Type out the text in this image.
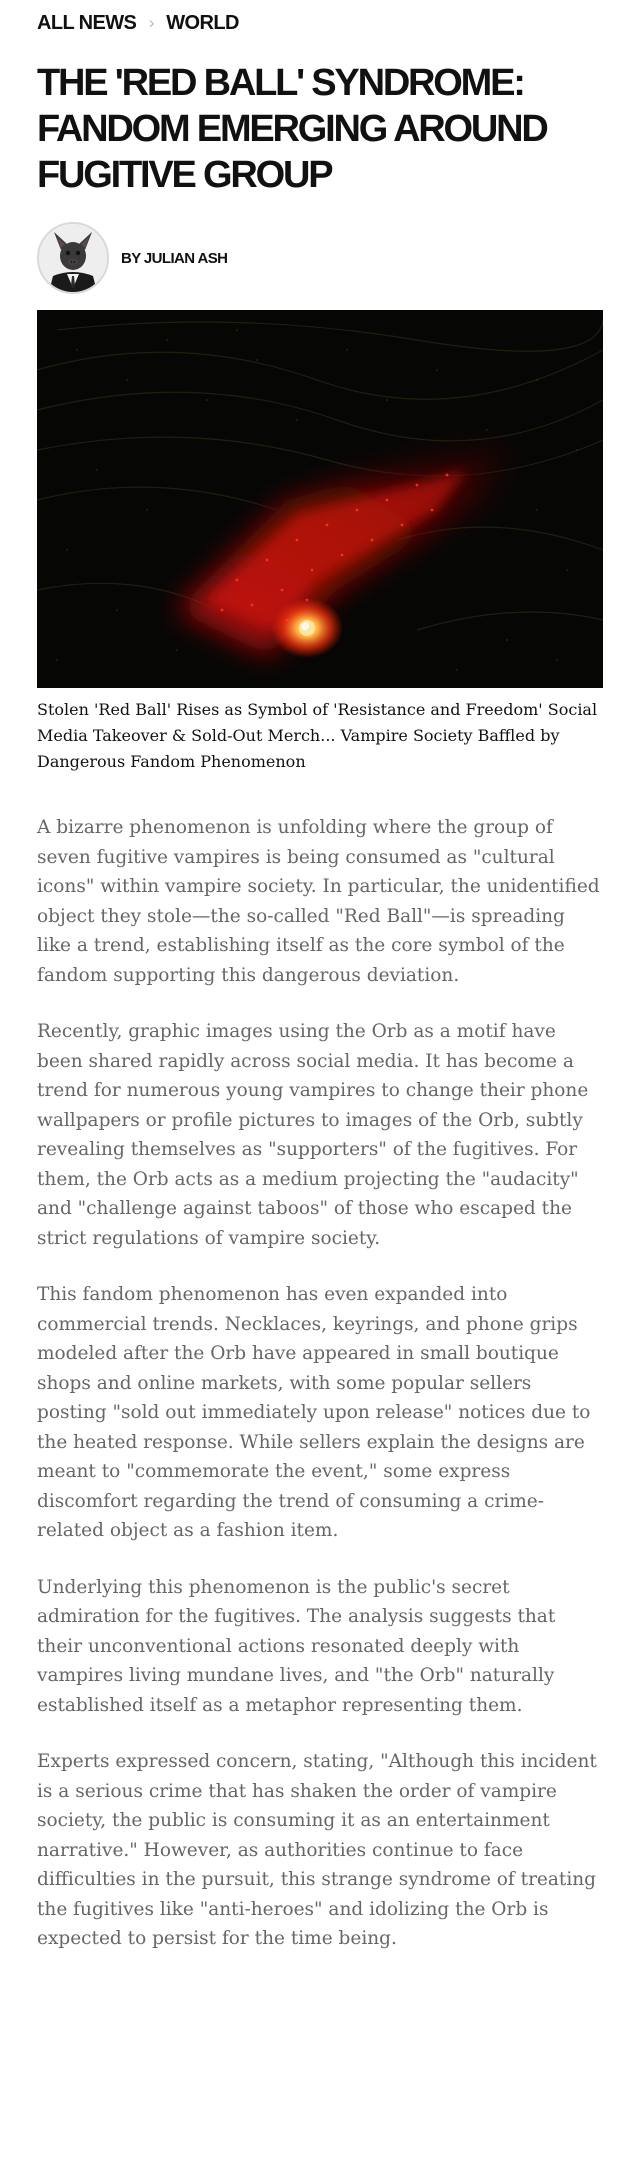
ALL NEWS › WORLD
THE 'RED BALL' SYNDROME: FANDOM EMERGING AROUND FUGITIVE GROUP
BY JULIAN ASH

Stolen 'Red Ball' Rises as Symbol of 'Resistance and Freedom' Social Media Takeover & Sold-Out Merch... Vampire Society Baffled by Dangerous Fandom Phenomenon

A bizarre phenomenon is unfolding where the group of seven fugitive vampires is being consumed as "cultural icons" within vampire society. In particular, the unidentified object they stole—the so-called "Red Ball"—is spreading like a trend, establishing itself as the core symbol of the fandom supporting this dangerous deviation.

Recently, graphic images using the Orb as a motif have been shared rapidly across social media. It has become a trend for numerous young vampires to change their phone wallpapers or profile pictures to images of the Orb, subtly revealing themselves as "supporters" of the fugitives. For them, the Orb acts as a medium projecting the "audacity" and "challenge against taboos" of those who escaped the strict regulations of vampire society.

This fandom phenomenon has even expanded into commercial trends. Necklaces, keyrings, and phone grips modeled after the Orb have appeared in small boutique shops and online markets, with some popular sellers posting "sold out immediately upon release" notices due to the heated response. While sellers explain the designs are meant to "commemorate the event," some express discomfort regarding the trend of consuming a crime-related object as a fashion item.

Underlying this phenomenon is the public's secret admiration for the fugitives. The analysis suggests that their unconventional actions resonated deeply with vampires living mundane lives, and "the Orb" naturally established itself as a metaphor representing them.

Experts expressed concern, stating, "Although this incident is a serious crime that has shaken the order of vampire society, the public is consuming it as an entertainment narrative." However, as authorities continue to face difficulties in the pursuit, this strange syndrome of treating the fugitives like "anti-heroes" and idolizing the Orb is expected to persist for the time being.
